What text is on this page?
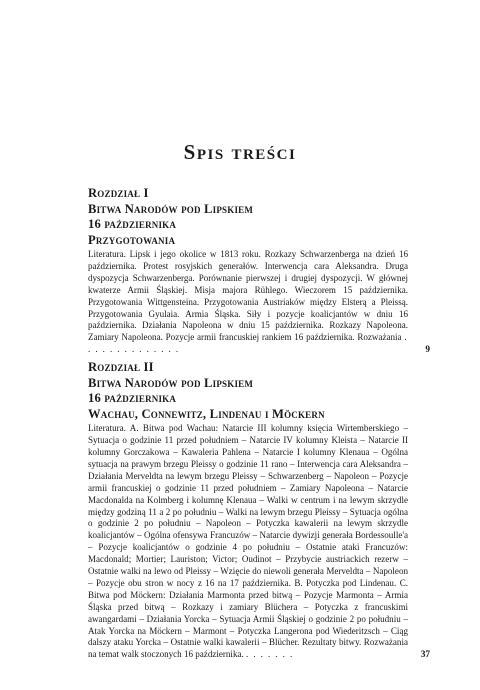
Spis treści
Rozdział I
Bitwa Narodów pod Lipskiem
16 października
Przygotowania
Literatura. Lipsk i jego okolice w 1813 roku. Rozkazy Schwarzenberga na dzień 16 października. Protest rosyjskich generałów. Interwencja cara Aleksandra. Druga dyspozycja Schwarzenberga. Porównanie pierwszej i drugiej dyspozycji. W głównej kwaterze Armii Śląskiej. Misja majora Rühlego. Wieczorem 15 października. Przygotowania Wittgensteina. Przygotowania Austriaków między Elsterą a Pleissą. Przygotowania Gyulaia. Armia Śląska. Siły i pozycje koalicjantów w dniu 16 października. Działania Napoleona w dniu 15 października. Rozkazy Napoleona. Zamiary Napoleona. Pozycje armii francuskiej rankiem 16 października. Rozważania . . . . . . . . . . . . . .	9
Rozdział II
Bitwa Narodów pod Lipskiem
16 października
Wachau, Connewitz, Lindenau i Möckern
Literatura. A. Bitwa pod Wachau: Natarcie III kolumny księcia Wirtemberskiego – Sytuacja o godzinie 11 przed południem – Natarcie IV kolumny Kleista – Natarcie II kolumny Gorczakowa – Kawaleria Pahlena – Natarcie I kolumny Klenaua – Ogólna sytuacja na prawym brzegu Pleissy o godzinie 11 rano – Interwencja cara Aleksandra – Działania Merveldta na lewym brzegu Pleissy – Schwarzenberg – Napoleon – Pozycje armii francuskiej o godzinie 11 przed południem – Zamiary Napoleona – Natarcie Macdonalda na Kolmberg i kolumnę Klenaua – Walki w centrum i na lewym skrzydle między godziną 11 a 2 po południu – Walki na lewym brzegu Pleissy – Sytuacja ogólna o godzinie 2 po południu – Napoleon – Potyczka kawalerii na lewym skrzydle koalicjantów – Ogólna ofensywa Francuzów – Natarcie dywizji generała Bordessoulle'a – Pozycje koalicjantów o godzinie 4 po południu – Ostatnie ataki Francuzów: Macdonald; Mortier; Lauriston; Victor; Oudinot – Przybycie austriackich rezerw – Ostatnie walki na lewo od Pleissy – Wzięcie do niewoli generała Merveldta – Napoleon – Pozycje obu stron w nocy z 16 na 17 października. B. Potyczka pod Lindenau. C. Bitwa pod Möckern: Działania Marmonta przed bitwą – Pozycje Marmonta – Armia Śląska przed bitwą – Rozkazy i zamiary Blüchera – Potyczka z francuskimi awangardami – Działania Yorcka – Sytuacja Armii Śląskiej o godzinie 2 po południu – Atak Yorcka na Möckern – Marmont – Potyczka Langerona pod Wiederitzsch – Ciąg dalszy ataku Yorcka – Ostatnie walki kawalerii – Blücher. Rezultaty bitwy. Rozważania na temat walk stoczonych 16 października. . . . . . . .	37
